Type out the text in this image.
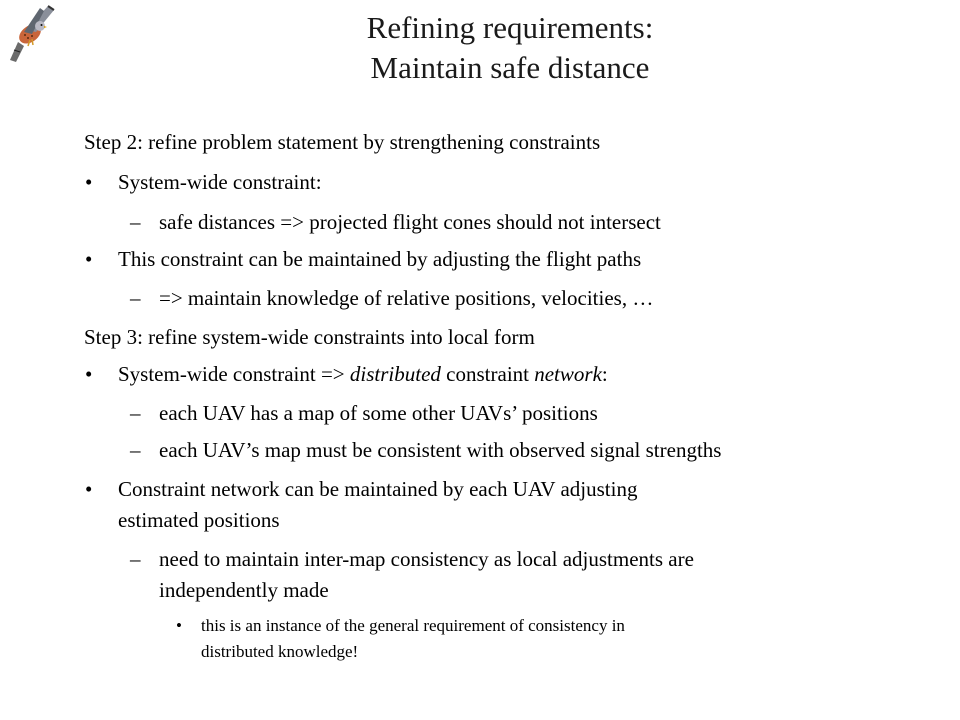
Refining requirements:
Maintain safe distance
Step 2: refine problem statement by strengthening constraints
• System-wide constraint:
– safe distances => projected flight cones should not intersect
• This constraint can be maintained by adjusting the flight paths
– => maintain knowledge of relative positions, velocities, …
Step 3: refine system-wide constraints into local form
• System-wide constraint => distributed constraint network:
– each UAV has a map of some other UAVs’ positions
– each UAV’s map must be consistent with observed signal strengths
• Constraint network can be maintained by each UAV adjusting
estimated positions
– need to maintain inter-map consistency as local adjustments are
independently made
• this is an instance of the general requirement of consistency in
distributed knowledge!
